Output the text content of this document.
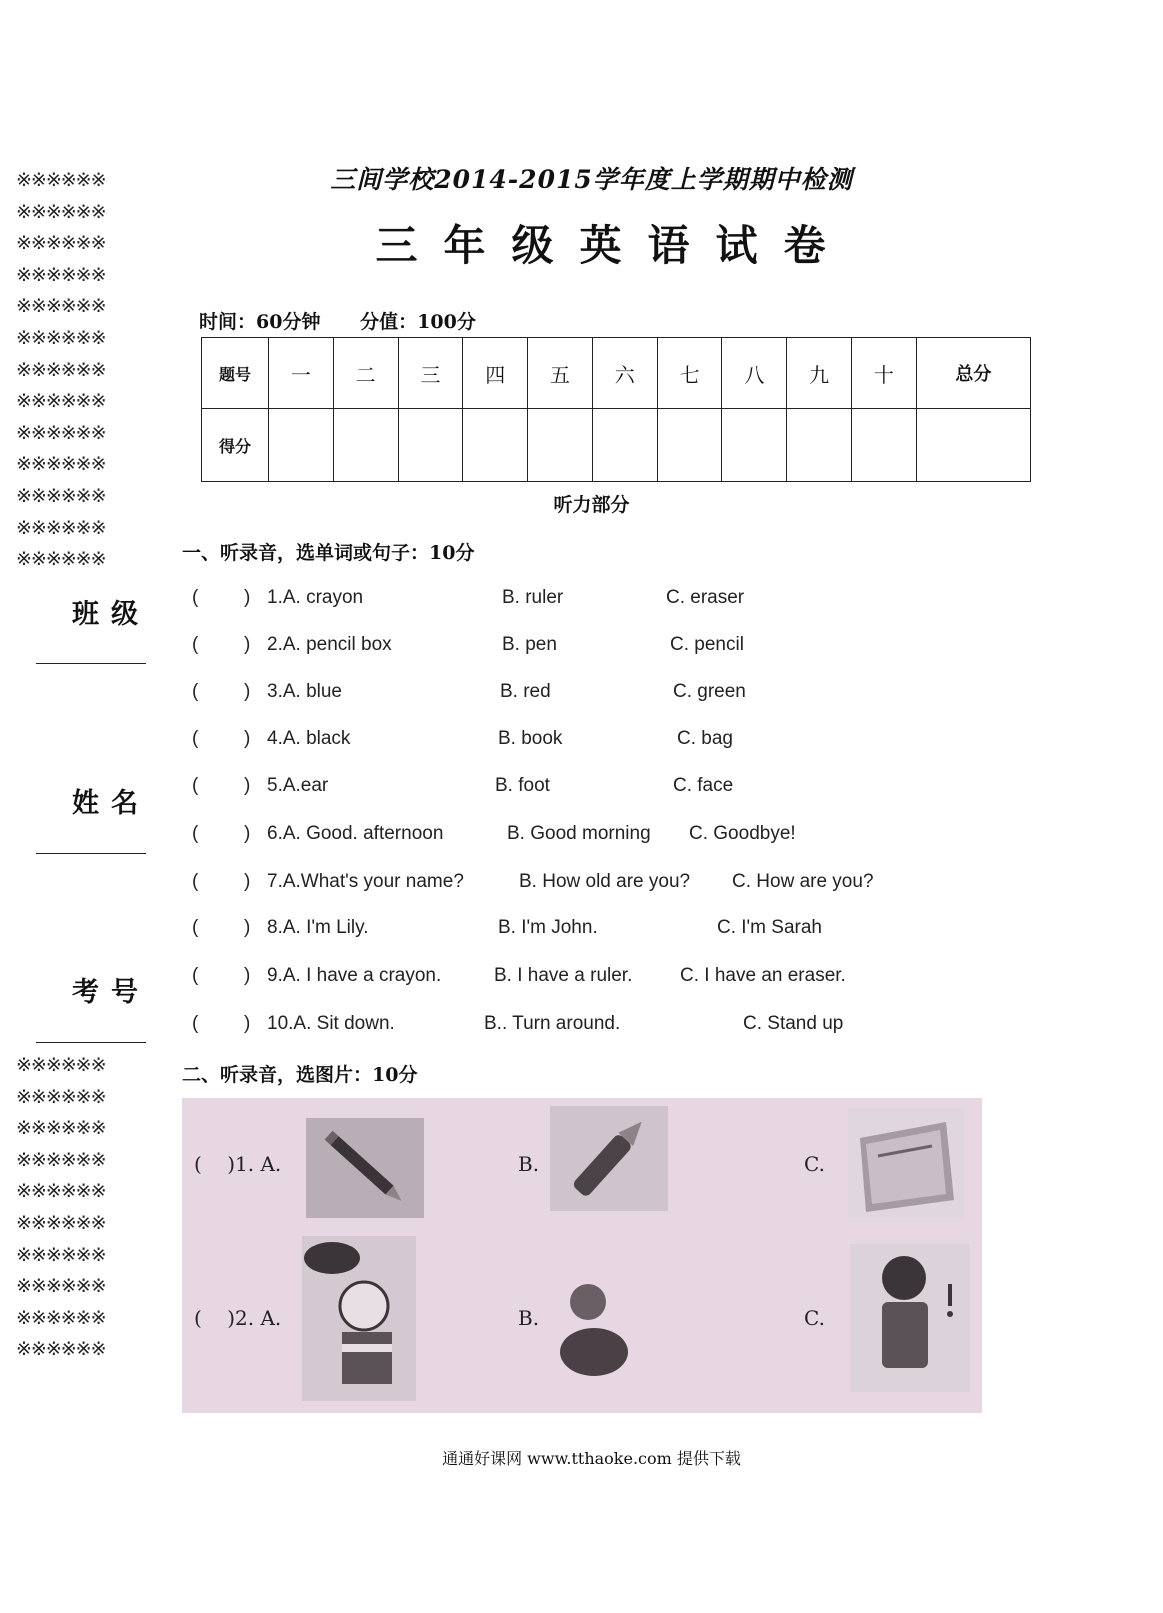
※※※※※※
※※※※※※
※※※※※※
※※※※※※
※※※※※※
※※※※※※
※※※※※※
※※※※※※
※※※※※※
※※※※※※
※※※※※※
※※※※※※
※※※※※※
班级
姓名
考号
※※※※※※
※※※※※※
※※※※※※
※※※※※※
※※※※※※
※※※※※※
※※※※※※
※※※※※※
※※※※※※
※※※※※※
三间学校2014-2015学年度上学期期中检测
三年级英语试卷
时间：60分钟 分值：100分
题号	一	二	三	四	五	六	七	八	九	十	总分
得分											
听力部分
一、听录音，选单词或句子：10分
( ) 1.A. crayon	B. ruler	C. eraser
( ) 2.A. pencil box	B. pen	C. pencil
( ) 3.A. blue	B. red	C. green
( ) 4.A. black	B. book	C. bag
( ) 5.A.ear	B. foot	C. face
( ) 6.A. Good. afternoon	B. Good morning C. Goodbye!
( ) 7.A.What's your name?	B. How old are you? C. How are you?
( ) 8.A. I'm Lily.	B. I'm John.	C. I'm Sarah
( ) 9.A. I have a crayon.	B. I have a ruler.	C. I have an eraser.
( ) 10.A. Sit down.	B.. Turn around.	C. Stand up
二、听录音，选图片：10分
(    )1. A.	B.	C.
(    )2. A.	B.	C.
通通好课网 www.tthaoke.com 提供下载
